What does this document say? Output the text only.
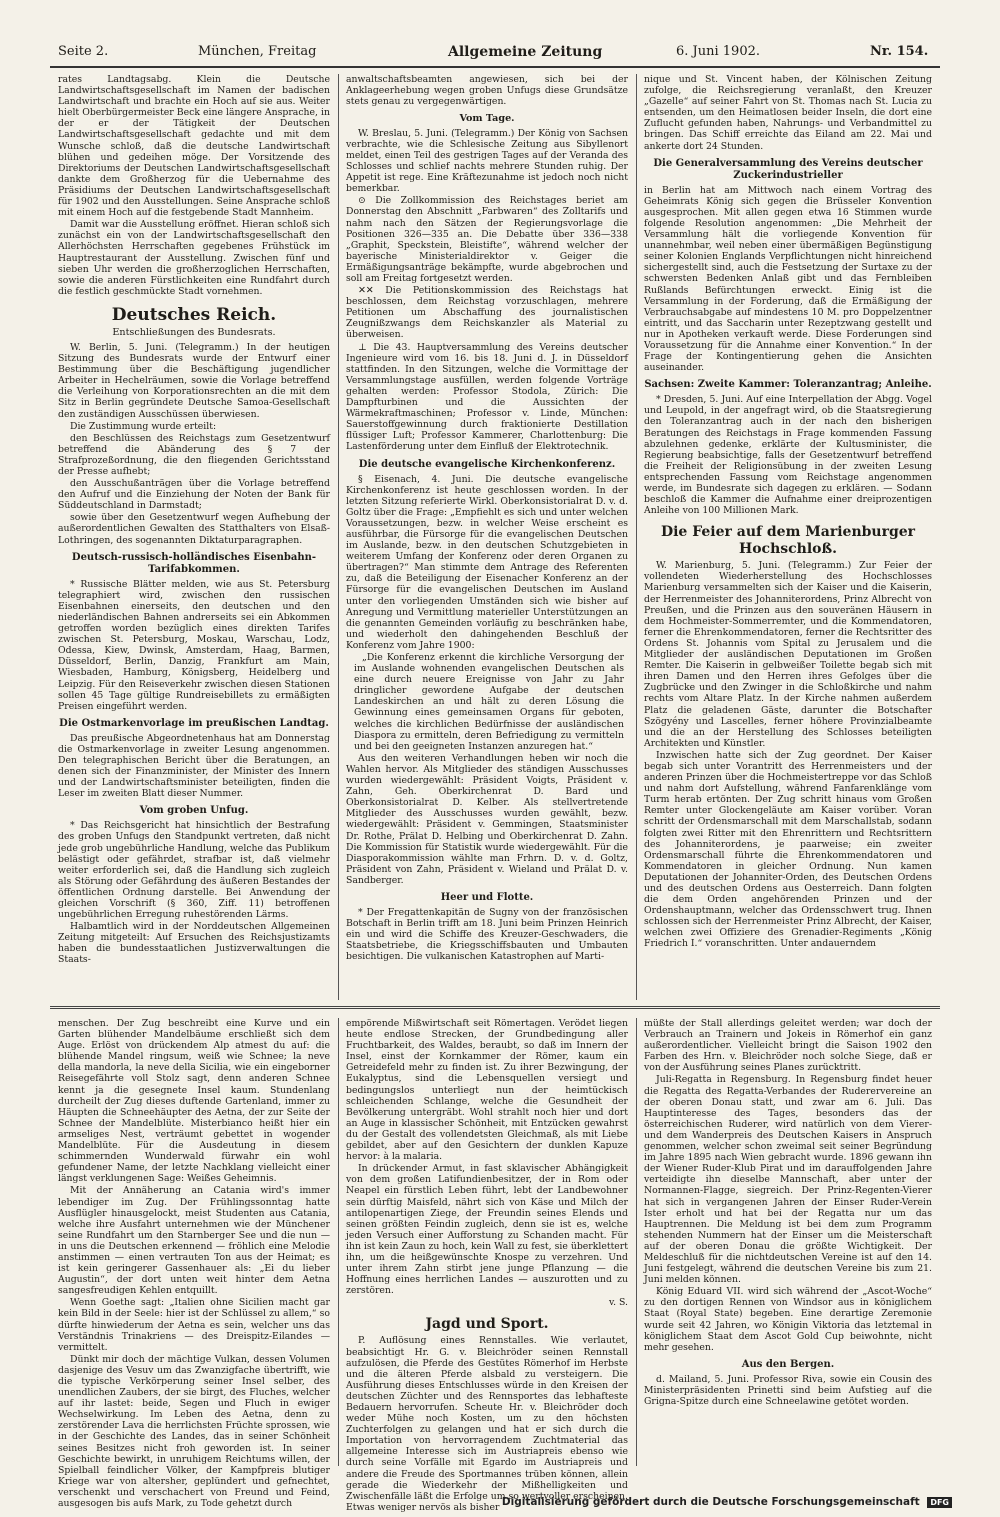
Seite 2.	München, Freitag	Allgemeine Zeitung	6. Juni 1902.	Nr. 154.

rates Landtagsabg. Klein die Deutsche Landwirtschaftsgesellschaft im Namen der badischen Landwirtschaft und brachte ein Hoch auf sie aus. Weiter hielt Oberbürgermeister Beck eine längere Ansprache, in der er der Tätigkeit der Deutschen Landwirtschaftsgesellschaft gedachte und mit dem Wunsche schloß, daß die deutsche Landwirtschaft blühen und gedeihen möge. Der Vorsitzende des Direktoriums der Deutschen Landwirtschaftsgesellschaft dankte dem Großherzog für die Uebernahme des Präsidiums der Deutschen Landwirtschaftsgesellschaft für 1902 und den Ausstellungen. Seine Ansprache schloß mit einem Hoch auf die festgebende Stadt Mannheim.

Damit war die Ausstellung eröffnet. Hieran schloß sich zunächst ein von der Landwirtschaftsgesellschaft den Allerhöchsten Herrschaften gegebenes Frühstück im Hauptrestaurant der Ausstellung. Zwischen fünf und sieben Uhr werden die großherzoglichen Herrschaften, sowie die anderen Fürstlichkeiten eine Rundfahrt durch die festlich geschmückte Stadt vornehmen.

Deutsches Reich.
Entschließungen des Bundesrats.

W. Berlin, 5. Juni. (Telegramm.) In der heutigen Sitzung des Bundesrats wurde der Entwurf einer Bestimmung über die Beschäftigung jugendlicher Arbeiter in Hechelräumen, sowie die Vorlage betreffend die Verleihung von Korporationsrechten an die mit dem Sitz in Berlin gegründete Deutsche Samoa-Gesellschaft den zuständigen Ausschüssen überwiesen.

Die Zustimmung wurde erteilt:

den Beschlüssen des Reichstags zum Gesetzentwurf betreffend die Abänderung des § 7 der Strafprozeßordnung, die den fliegenden Gerichtsstand der Presse aufhebt;

den Ausschußanträgen über die Vorlage betreffend den Aufruf und die Einziehung der Noten der Bank für Süddeutschland in Darmstadt;

sowie über den Gesetzentwurf wegen Aufhebung der außerordentlichen Gewalten des Statthalters von Elsaß-Lothringen, des sogenannten Diktaturparagraphen.

Deutsch-russisch-holländisches Eisenbahn-Tarifabkommen.

* Russische Blätter melden, wie aus St. Petersburg telegraphiert wird, zwischen den russischen Eisenbahnen einerseits, den deutschen und den niederländischen Bahnen andrerseits sei ein Abkommen getroffen worden bezüglich eines direkten Tarifes zwischen St. Petersburg, Moskau, Warschau, Lodz, Odessa, Kiew, Dwinsk, Amsterdam, Haag, Barmen, Düsseldorf, Berlin, Danzig, Frankfurt am Main, Wiesbaden, Hamburg, Königsberg, Heidelberg und Leipzig. Für den Reiseverkehr zwischen diesen Stationen sollen 45 Tage gültige Rundreisebillets zu ermäßigten Preisen eingeführt werden.

Die Ostmarkenvorlage im preußischen Landtag.

Das preußische Abgeordnetenhaus hat am Donnerstag die Ostmarkenvorlage in zweiter Lesung angenommen. Den telegraphischen Bericht über die Beratungen, an denen sich der Finanzminister, der Minister des Innern und der Landwirtschaftsminister beteiligten, finden die Leser im zweiten Blatt dieser Nummer.

Vom groben Unfug.

* Das Reichsgericht hat hinsichtlich der Bestrafung des groben Unfugs den Standpunkt vertreten, daß nicht jede grob ungebührliche Handlung, welche das Publikum belästigt oder gefährdet, strafbar ist, daß vielmehr weiter erforderlich sei, daß die Handlung sich zugleich als Störung oder Gefährdung des äußeren Bestandes der öffentlichen Ordnung darstelle. Bei Anwendung der gleichen Vorschrift (§ 360, Ziff. 11) betroffenen ungebührlichen Erregung ruhestörenden Lärms.

Halbamtlich wird in der Norddeutschen Allgemeinen Zeitung mitgeteilt: Auf Ersuchen des Reichsjustizamts haben die bundesstaatlichen Justizverwaltungen die Staats-

anwaltschaftsbeamten angewiesen, sich bei der Anklageerhebung wegen groben Unfugs diese Grundsätze stets genau zu vergegenwärtigen.

Vom Tage.

W. Breslau, 5. Juni. (Telegramm.) Der König von Sachsen verbrachte, wie die Schlesische Zeitung aus Sibyllenort meldet, einen Teil des gestrigen Tages auf der Veranda des Schlosses und schlief nachts mehrere Stunden ruhig. Der Appetit ist rege. Eine Kräftezunahme ist jedoch noch nicht bemerkbar.

⊙ Die Zollkommission des Reichstages beriet am Donnerstag den Abschnitt „Farbwaren“ des Zolltarifs und nahm nach den Sätzen der Regierungsvorlage die Positionen 326—335 an. Die Debatte über 336—338 „Graphit, Speckstein, Bleistifte“, während welcher der bayerische Ministerialdirektor v. Geiger die Ermäßigungsanträge bekämpfte, wurde abgebrochen und soll am Freitag fortgesetzt werden.

✕✕ Die Petitionskommission des Reichstags hat beschlossen, dem Reichstag vorzuschlagen, mehrere Petitionen um Abschaffung des journalistischen Zeugnißzwangs dem Reichskanzler als Material zu überweisen.

⊥ Die 43. Hauptversammlung des Vereins deutscher Ingenieure wird vom 16. bis 18. Juni d. J. in Düsseldorf stattfinden. In den Sitzungen, welche die Vormittage der Versammlungstage ausfüllen, werden folgende Vorträge gehalten werden: Professor Stodola, Zürich: Die Dampfturbinen und die Aussichten der Wärmekraftmaschinen; Professor v. Linde, München: Sauerstoffgewinnung durch fraktionierte Destillation flüssiger Luft; Professor Kammerer, Charlottenburg: Die Lastenförderung unter dem Einfluß der Elektrotechnik.

Die deutsche evangelische Kirchenkonferenz.

§ Eisenach, 4. Juni. Die deutsche evangelische Kirchenkonferenz ist heute geschlossen worden. In der letzten Sitzung referierte Wirkl. Oberkonsistorialrat D. v. d. Goltz über die Frage: „Empfiehlt es sich und unter welchen Voraussetzungen, bezw. in welcher Weise erscheint es ausführbar, die Fürsorge für die evangelischen Deutschen im Auslande, bezw. in den deutschen Schutzgebieten in weiterem Umfang der Konferenz oder deren Organen zu übertragen?“ Man stimmte dem Antrage des Referenten zu, daß die Beteiligung der Eisenacher Konferenz an der Fürsorge für die evangelischen Deutschen im Ausland unter den vorliegenden Umständen sich wie bisher auf Anregung und Vermittlung materieller Unterstützungen an die genannten Gemeinden vorläufig zu beschränken habe, und wiederholt den dahingehenden Beschluß der Konferenz vom Jahre 1900:

„Die Konferenz erkennt die kirchliche Versorgung der im Auslande wohnenden evangelischen Deutschen als eine durch neuere Ereignisse von Jahr zu Jahr dringlicher gewordene Aufgabe der deutschen Landeskirchen an und hält zu deren Lösung die Gewinnung eines gemeinsamen Organs für geboten, welches die kirchlichen Bedürfnisse der ausländischen Diaspora zu ermitteln, deren Befriedigung zu vermitteln und bei den geeigneten Instanzen anzuregen hat.“

Aus den weiteren Verhandlungen heben wir noch die Wahlen hervor. Als Mitglieder des ständigen Ausschusses wurden wiedergewählt: Präsident Voigts, Präsident v. Zahn, Geh. Oberkirchenrat D. Bard und Oberkonsistorialrat D. Kelber. Als stellvertretende Mitglieder des Ausschusses wurden gewählt, bezw. wiedergewählt: Präsident v. Gemmingen, Staatsminister Dr. Rothe, Prälat D. Helbing und Oberkirchenrat D. Zahn. Die Kommission für Statistik wurde wiedergewählt. Für die Diasporakommission wählte man Frhrn. D. v. d. Goltz, Präsident von Zahn, Präsident v. Wieland und Prälat D. v. Sandberger.

Heer und Flotte.

* Der Fregattenkapitän de Sugny von der französischen Botschaft in Berlin trifft am 18. Juni beim Prinzen Heinrich ein und wird die Schiffe des Kreuzer-Geschwaders, die Staatsbetriebe, die Kriegsschiffsbauten und Umbauten besichtigen. Die vulkanischen Katastrophen auf Marti-

nique und St. Vincent haben, der Kölnischen Zeitung zufolge, die Reichsregierung veranlaßt, den Kreuzer „Gazelle“ auf seiner Fahrt von St. Thomas nach St. Lucia zu entsenden, um den Heimatlosen beider Inseln, die dort eine Zuflucht gefunden haben, Nahrungs- und Verbandmittel zu bringen. Das Schiff erreichte das Eiland am 22. Mai und ankerte dort 24 Stunden.

Die Generalversammlung des Vereins deutscher Zuckerindustrieller

in Berlin hat am Mittwoch nach einem Vortrag des Geheimrats König sich gegen die Brüsseler Konvention ausgesprochen. Mit allen gegen etwa 16 Stimmen wurde folgende Resolution angenommen: „Die Mehrheit der Versammlung hält die vorliegende Konvention für unannehmbar, weil neben einer übermäßigen Begünstigung seiner Kolonien Englands Verpflichtungen nicht hinreichend sichergestellt sind, auch die Festsetzung der Surtaxe zu der schwersten Bedenken Anlaß gibt und das Fernbleiben Rußlands Befürchtungen erweckt. Einig ist die Versammlung in der Forderung, daß die Ermäßigung der Verbrauchsabgabe auf mindestens 10 M. pro Doppelzentner eintritt, und das Saccharin unter Rezeptzwang gestellt und nur in Apotheken verkauft werde. Diese Forderungen sind Voraussetzung für die Annahme einer Konvention.“ In der Frage der Kontingentierung gehen die Ansichten auseinander.

Sachsen: Zweite Kammer: Toleranzantrag; Anleihe.

* Dresden, 5. Juni. Auf eine Interpellation der Abgg. Vogel und Leupold, in der angefragt wird, ob die Staatsregierung den Toleranzantrag auch in der nach den bisherigen Beratungen des Reichstags in Frage kommenden Fassung abzulehnen gedenke, erklärte der Kultusminister, die Regierung beabsichtige, falls der Gesetzentwurf betreffend die Freiheit der Religionsübung in der zweiten Lesung entsprechenden Fassung vom Reichstage angenommen werde, im Bundesrate sich dagegen zu erklären. — Sodann beschloß die Kammer die Aufnahme einer dreiprozentigen Anleihe von 100 Millionen Mark.

Die Feier auf dem Marienburger Hochschloß.

W. Marienburg, 5. Juni. (Telegramm.) Zur Feier der vollendeten Wiederherstellung des Hochschlosses Marienburg versammelten sich der Kaiser und die Kaiserin, der Herrenmeister des Johanniterordens, Prinz Albrecht von Preußen, und die Prinzen aus den souveränen Häusern in dem Hochmeister-Sommerremter, und die Kommendatoren, ferner die Ehrenkommendatoren, ferner die Rechtsritter des Ordens St. Johannis vom Spital zu Jerusalem und die Mitglieder der ausländischen Deputationen im Großen Remter. Die Kaiserin in gelbweißer Toilette begab sich mit ihren Damen und den Herren ihres Gefolges über die Zugbrücke und den Zwinger in die Schloßkirche und nahm rechts vom Altare Platz. In der Kirche nahmen außerdem Platz die geladenen Gäste, darunter die Botschafter Szögyény und Lascelles, ferner höhere Provinzialbeamte und die an der Herstellung des Schlosses beteiligten Architekten und Künstler.

Inzwischen hatte sich der Zug geordnet. Der Kaiser begab sich unter Vorantritt des Herrenmeisters und der anderen Prinzen über die Hochmeistertreppe vor das Schloß und nahm dort Aufstellung, während Fanfarenklänge vom Turm herab ertönten. Der Zug schritt hinaus vom Großen Remter unter Glockengeläute am Kaiser vorüber. Voran schritt der Ordensmarschall mit dem Marschallstab, sodann folgten zwei Ritter mit den Ehrenrittern und Rechtsrittern des Johanniterordens, je paarweise; ein zweiter Ordensmarschall führte die Ehrenkommendatoren und Kommendatoren in gleicher Ordnung. Nun kamen Deputationen der Johanniter-Orden, des Deutschen Ordens und des deutschen Ordens aus Oesterreich. Dann folgten die dem Orden angehörenden Prinzen und der Ordenshauptmann, welcher das Ordensschwert trug. Ihnen schlossen sich der Herrenmeister Prinz Albrecht, der Kaiser, welchen zwei Offiziere des Grenadier-Regiments „König Friedrich I.“ voranschritten. Unter andauerndem

menschen. Der Zug beschreibt eine Kurve und ein Garten blühender Mandelbäume erschließt sich dem Auge. Erlöst von drückendem Alp atmest du auf: die blühende Mandel ringsum, weiß wie Schnee; la neve della mandorla, la neve della Sicilia, wie ein eingeborner Reisegefährte voll Stolz sagt, denn anderen Schnee kennt ja die gesegnete Insel kaum. Stundenlang durcheilt der Zug dieses duftende Gartenland, immer zu Häupten die Schneehäupter des Aetna, der zur Seite der Schnee der Mandelblüte. Misterbianco heißt hier ein armseliges Nest, verträumt gebettet in wogender Mandelblüte. Für die Ausdeutung in diesem schimmernden Wunderwald fürwahr ein wohl gefundener Name, der letzte Nachklang vielleicht einer längst verklungenen Sage: Weißes Geheimnis.

Mit der Annäherung an Catania wird's immer lebendiger im Zug. Der Frühlingssonntag hatte Ausflügler hinausgelockt, meist Studenten aus Catania, welche ihre Ausfahrt unternehmen wie der Münchener seine Rundfahrt um den Starnberger See und die nun — in uns die Deutschen erkennend — fröhlich eine Melodie anstimmen — einen vertrauten Ton aus der Heimat; es ist kein geringerer Gassenhauer als: „Ei du lieber Augustin“, der dort unten weit hinter dem Aetna sangesfreudigen Kehlen entquillt.

Wenn Goethe sagt: „Italien ohne Sicilien macht gar kein Bild in der Seele: hier ist der Schlüssel zu allem,“ so dürfte hinwiederum der Aetna es sein, welcher uns das Verständnis Trinakriens — des Dreispitz-Eilandes — vermittelt.

Dünkt mir doch der mächtige Vulkan, dessen Volumen dasjenige des Vesuv um das Zwanzigfache übertrifft, wie die typische Verkörperung seiner Insel selber, des unendlichen Zaubers, der sie birgt, des Fluches, welcher auf ihr lastet: beide, Segen und Fluch in ewiger Wechselwirkung. Im Leben des Aetna, denn zu zerstörender Lava die herrlichsten Früchte sprossen, wie in der Geschichte des Landes, das in seiner Schönheit seines Besitzes nicht froh geworden ist. In seiner Geschichte bewirkt, in unruhigem Reichtums willen, der Spielball feindlicher Völker, der Kampfpreis blutiger Kriege war von altersher, geplündert und gefnechtet, verschenkt und verschachert von Freund und Feind, ausgesogen bis aufs Mark, zu Tode gehetzt durch

empörende Mißwirtschaft seit Römertagen. Verödet liegen heute endlose Strecken, der Grundbedingung aller Fruchtbarkeit, des Waldes, beraubt, so daß im Innern der Insel, einst der Kornkammer der Römer, kaum ein Getreidefeld mehr zu finden ist. Zu ihrer Bezwingung, der Eukalyptus, sind die Lebensquellen versiegt und bedingungslos unterliegt nun der heimtückisch schleichenden Schlange, welche die Gesundheit der Bevölkerung untergräbt. Wohl strahlt noch hier und dort an Auge in klassischer Schönheit, mit Entzücken gewahrst du der Gestalt des vollendetsten Gleichmaß, als mit Liebe gebildet, aber auf den Gesichtern der dunklen Kapuze hervor: à la malaria.

In drückender Armut, in fast sklavischer Abhängigkeit von dem großen Latifundienbesitzer, der in Rom oder Neapel ein fürstlich Leben führt, lebt der Landbewohner sein dürftig Maisfeld, nährt sich von Käse und Milch der antilopenartigen Ziege, der Freundin seines Elends und seinen größten Feindin zugleich, denn sie ist es, welche jeden Versuch einer Aufforstung zu Schanden macht. Für ihn ist kein Zaun zu hoch, kein Wall zu fest, sie überklettert ihn, um die heißgewünschte Knospe zu verzehren. Und unter ihrem Zahn stirbt jene junge Pflanzung — die Hoffnung eines herrlichen Landes — auszurotten und zu zerstören.

v. S.

Jagd und Sport.

P. Auflösung eines Rennstalles. Wie verlautet, beabsichtigt Hr. G. v. Bleichröder seinen Rennstall aufzulösen, die Pferde des Gestütes Römerhof im Herbste und die älteren Pferde alsbald zu versteigern. Die Ausführung dieses Entschlusses würde in den Kreisen der deutschen Züchter und des Rennsportes das lebhafteste Bedauern hervorrufen. Scheute Hr. v. Bleichröder doch weder Mühe noch Kosten, um zu den höchsten Zuchterfolgen zu gelangen und hat er sich durch die Importation von hervorragendem Zuchtmaterial das allgemeine Interesse sich im Austriapreis ebenso wie durch seine Vorfälle mit Egardo im Austriapreis und andere die Freude des Sportmannes trüben können, allein gerade die Wiederkehr der Mißhelligkeiten und Zwischenfälle läßt die Erfolge um so wertvoller erscheinen. Etwas weniger nervös als bisher

müßte der Stall allerdings geleitet werden; war doch der Verbrauch an Trainern und Jokeis in Römerhof ein ganz außerordentlicher. Vielleicht bringt die Saison 1902 den Farben des Hrn. v. Bleichröder noch solche Siege, daß er von der Ausführung seines Planes zurücktritt.

Juli-Regatta in Regensburg. In Regensburg findet heuer die Regatta des Regatta-Verbandes der Ruderervereine an der oberen Donau statt, und zwar am 6. Juli. Das Hauptinteresse des Tages, besonders das der österreichischen Ruderer, wird natürlich von dem Vierer- und dem Wanderpreis des Deutschen Kaisers in Anspruch genommen, welcher schon zweimal seit seiner Begründung im Jahre 1895 nach Wien gebracht wurde. 1896 gewann ihn der Wiener Ruder-Klub Pirat und im darauffolgenden Jahre verteidigte ihn dieselbe Mannschaft, aber unter der Normannen-Flagge, siegreich. Der Prinz-Regenten-Vierer hat sich in vergangenen Jahren der Einser Ruder-Verein Ister erholt und hat bei der Regatta nur um das Hauptrennen. Die Meldung ist bei dem zum Programm stehenden Nummern hat der Einser um die Meisterschaft auf der oberen Donau die größte Wichtigkeit. Der Meldeschluß für die nichtdeutschen Vereine ist auf den 14. Juni festgelegt, während die deutschen Vereine bis zum 21. Juni melden können.

König Eduard VII. wird sich während der „Ascot-Woche“ zu den dortigen Rennen von Windsor aus in königlichem Staat (Royal State) begeben. Eine derartige Zeremonie wurde seit 42 Jahren, wo Königin Viktoria das letztemal in königlichem Staat dem Ascot Gold Cup beiwohnte, nicht mehr gesehen.

Aus den Bergen.

d. Mailand, 5. Juni. Professor Riva, sowie ein Cousin des Ministerpräsidenten Prinetti sind beim Aufstieg auf die Grigna-Spitze durch eine Schneelawine getötet worden.

Digitalisierung gefördert durch die Deutsche Forschungsgemeinschaft DFG
